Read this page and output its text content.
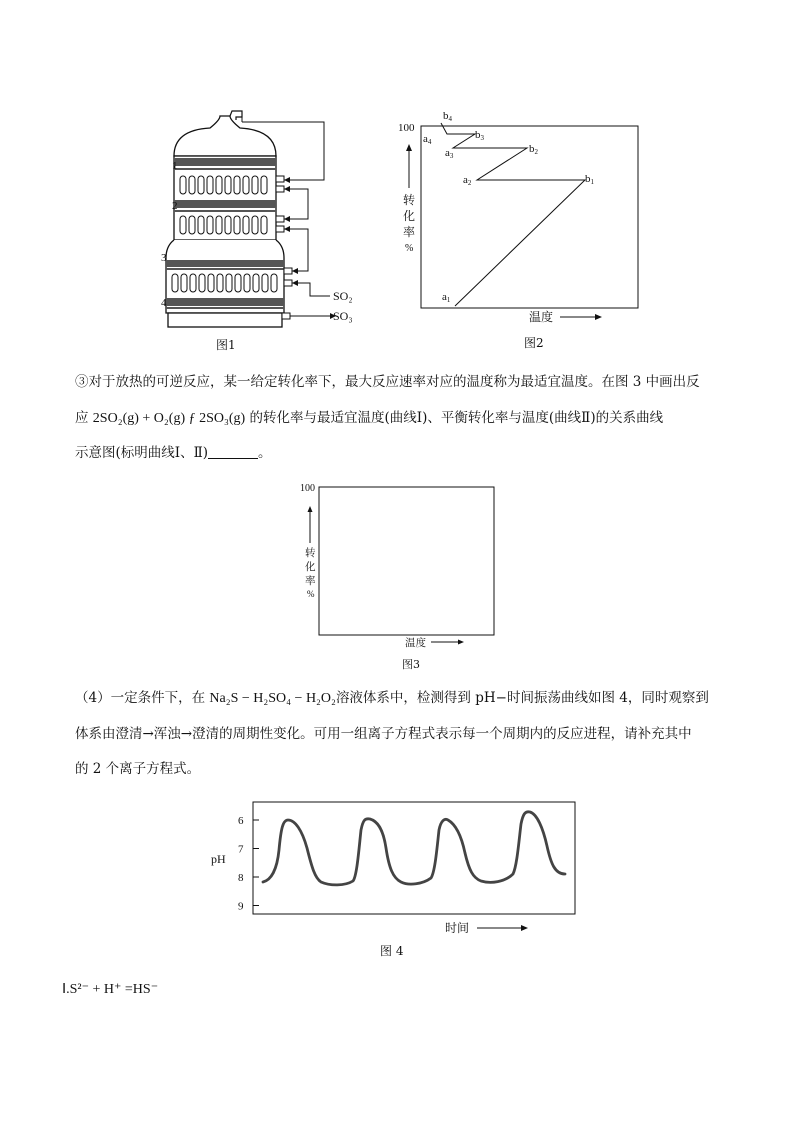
1
2
3
4	SO₂
SO₃
图1
100
转
化
率
%
b4
a4
b3
a3
b2
a2	b1
a1
温度
图2
③对于放热的可逆反应，某一给定转化率下，最大反应速率对应的温度称为最适宜温度。在图 3 中画出反
应 2SO₂(g) + O₂(g) ƒ 2SO₃(g) 的转化率与最适宜温度(曲线Ⅰ)、平衡转化率与温度(曲线Ⅱ)的关系曲线
示意图(标明曲线Ⅰ、Ⅱ)	。
100
转
化
率
%
温度
图3
（4）一定条件下，在 Na₂S − H₂SO₄ − H₂O₂溶液体系中，检测得到 pH−时间振荡曲线如图 4，同时观察到
体系由澄清→浑浊→澄清的周期性变化。可用一组离子方程式表示每一个周期内的反应进程，请补充其中
的 2 个离子方程式。
pH
6
7
8
9
时间
图 4
Ⅰ.S²⁻ + H⁺ =HS⁻
